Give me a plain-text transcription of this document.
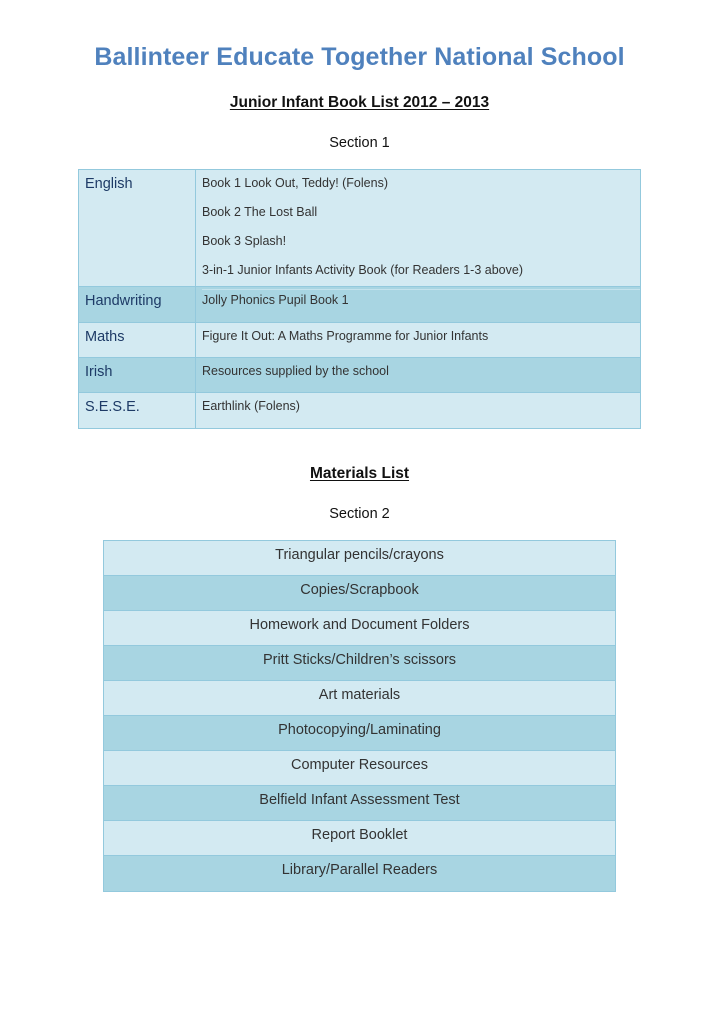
Ballinteer Educate Together National School
Junior Infant Book List 2012 – 2013
Section 1
English	Book 1 Look Out, Teddy! (Folens)
Book 2 The Lost Ball
Book 3 Splash!
3-in-1 Junior Infants Activity Book (for Readers 1-3 above)
Handwriting	Jolly Phonics Pupil Book 1
Maths	Figure It Out: A Maths Programme for Junior Infants
Irish	Resources supplied by the school
S.E.S.E.	Earthlink (Folens)
Materials List
Section 2
Triangular pencils/crayons
Copies/Scrapbook
Homework and Document Folders
Pritt Sticks/Children’s scissors
Art materials
Photocopying/Laminating
Computer Resources
Belfield Infant Assessment Test
Report Booklet
Library/Parallel Readers
